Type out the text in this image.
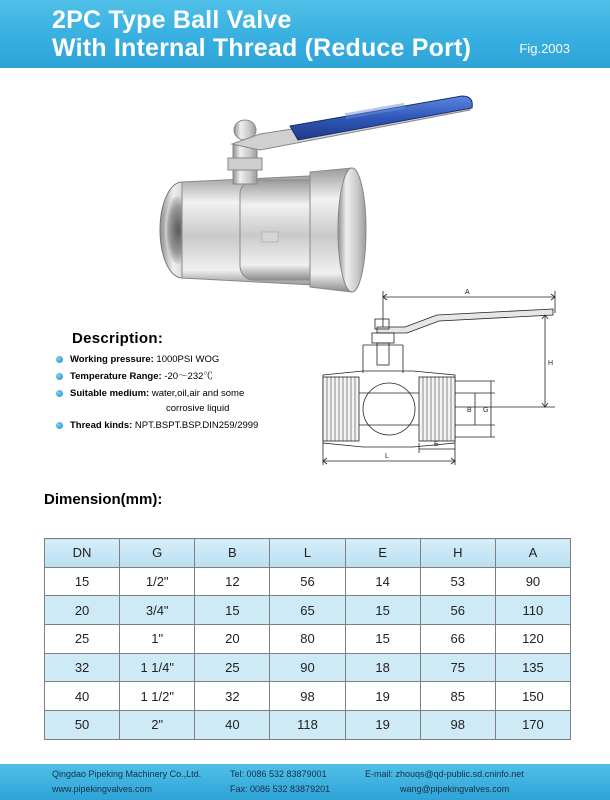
2PC Type Ball Valve
With Internal Thread (Reduce Port)	Fig.2003
Description:
Working pressure: 1000PSI WOG
Temperature Range: -20～232℃
Suitable medium: water,oil,air and some
corrosive liquid
Thread kinds: NPT.BSPT.BSP.DIN259/2999
A
H
B G
L
E
Dimension(mm):
DN	G	B	L	E	H	A
15	1/2"	12	56	14	53	90
20	3/4"	15	65	15	56	110
25	1"	20	80	15	66	120
32	1 1/4"	25	90	18	75	135
40	1 1/2"	32	98	19	85	150
50	2"	40	118	19	98	170
Qingdao Pipeking Machinery Co.,Ltd.
www.pipekingvalves.com
Tel: 0086 532 83879001
Fax: 0086 532 83879201
E-mail: zhouqs@qd-public.sd.cninfo.net
wang@pipekingvalves.com
